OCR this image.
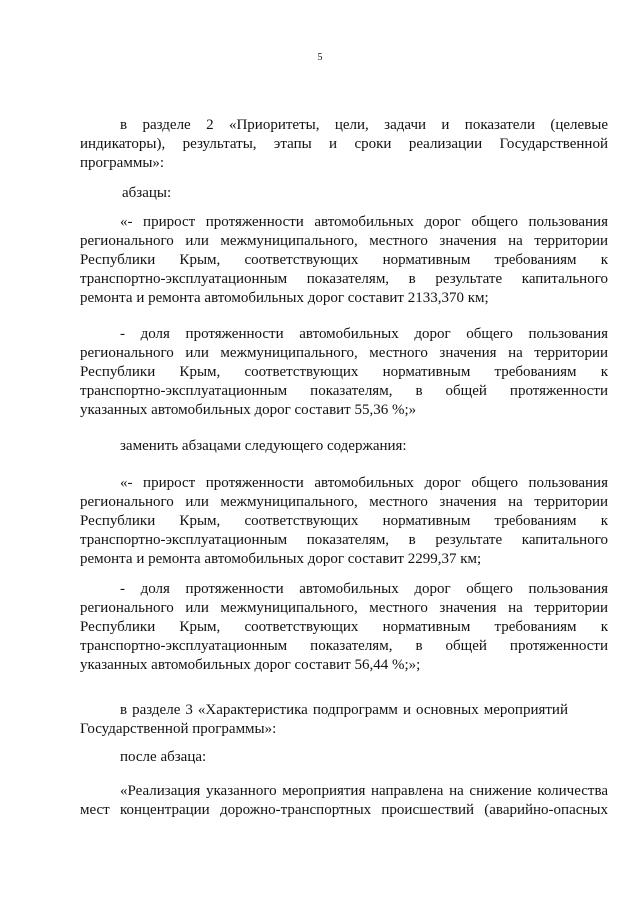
5
в разделе 2 «Приоритеты, цели, задачи и показатели (целевые
индикаторы), результаты, этапы и сроки реализации Государственной
программы»:
абзацы:
«- прирост протяженности автомобильных дорог общего пользования
регионального или межмуниципального, местного значения на территории
Республики Крым, соответствующих нормативным требованиям к
транспортно-эксплуатационным показателям, в результате капитального
ремонта и ремонта автомобильных дорог составит 2133,370 км;
- доля протяженности автомобильных дорог общего пользования
регионального или межмуниципального, местного значения на территории
Республики Крым, соответствующих нормативным требованиям к
транспортно-эксплуатационным показателям, в общей протяженности
указанных автомобильных дорог составит 55,36 %;»
заменить абзацами следующего содержания:
«- прирост протяженности автомобильных дорог общего пользования
регионального или межмуниципального, местного значения на территории
Республики Крым, соответствующих нормативным требованиям к
транспортно-эксплуатационным показателям, в результате капитального
ремонта и ремонта автомобильных дорог составит 2299,37 км;
- доля протяженности автомобильных дорог общего пользования
регионального или межмуниципального, местного значения на территории
Республики Крым, соответствующих нормативным требованиям к
транспортно-эксплуатационным показателям, в общей протяженности
указанных автомобильных дорог составит 56,44 %;»;
в разделе 3 «Характеристика подпрограмм и основных мероприятий
Государственной программы»:
после абзаца:
«Реализация указанного мероприятия направлена на снижение количества
мест концентрации дорожно-транспортных происшествий (аварийно-опасных
